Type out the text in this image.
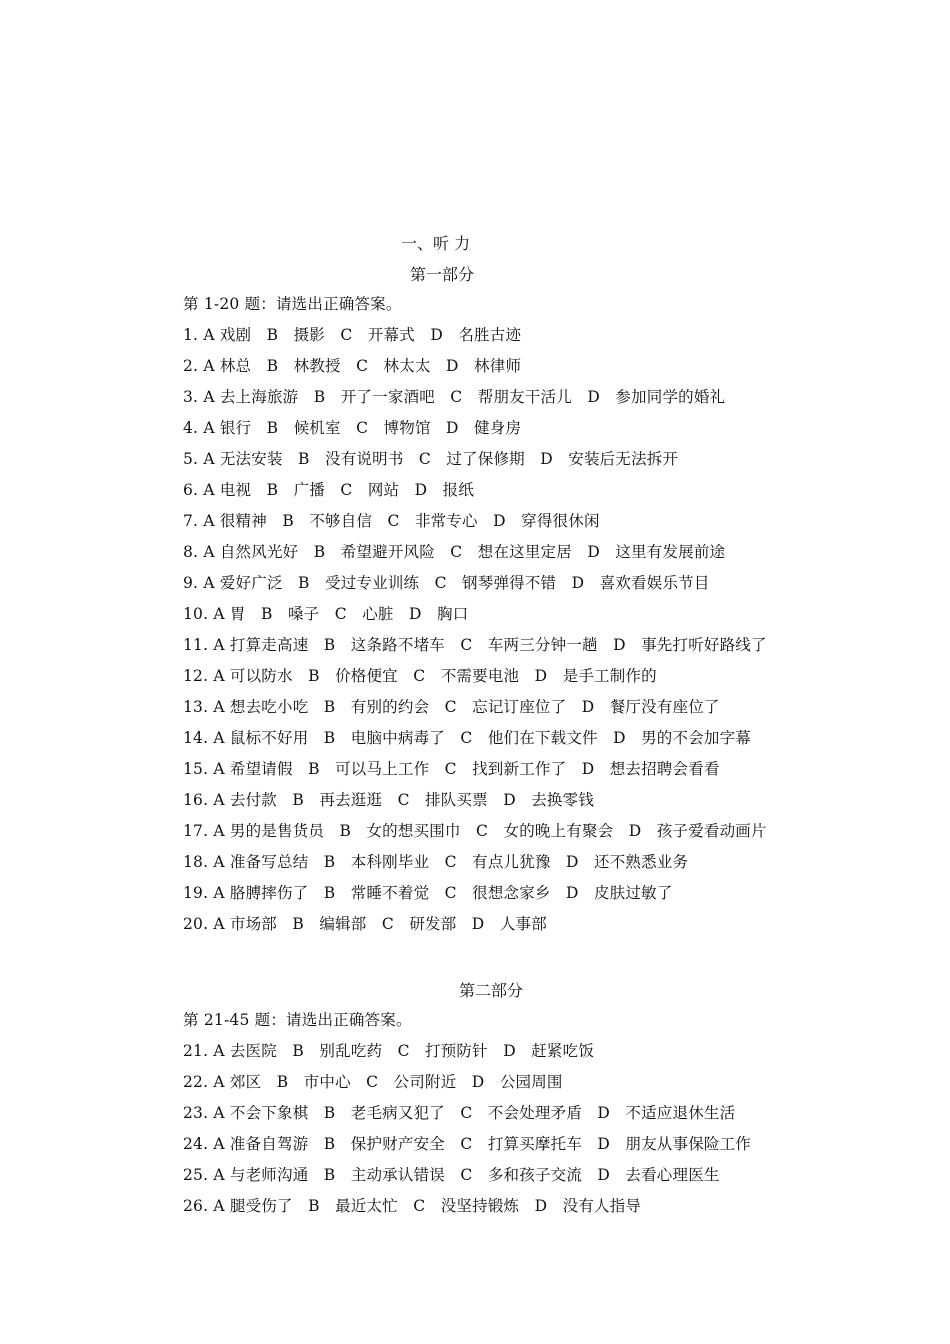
一、听 力
第一部分
第 1-20 题：请选出正确答案。
1. A 戏剧   B   摄影   C   开幕式   D   名胜古迹
2. A 林总   B   林教授   C   林太太   D   林律师
3. A 去上海旅游   B   开了一家酒吧   C   帮朋友干活儿   D   参加同学的婚礼
4. A 银行   B   候机室   C   博物馆   D   健身房
5. A 无法安装   B   没有说明书   C   过了保修期   D   安装后无法拆开
6. A 电视   B   广播   C   网站   D   报纸
7. A 很精神   B   不够自信   C   非常专心   D   穿得很休闲
8. A 自然风光好   B   希望避开风险   C   想在这里定居   D   这里有发展前途
9. A 爱好广泛   B   受过专业训练   C   钢琴弹得不错   D   喜欢看娱乐节目
10. A 胃   B   嗓子   C   心脏   D   胸口
11. A 打算走高速   B   这条路不堵车   C   车两三分钟一趟   D   事先打听好路线了
12. A 可以防水   B   价格便宜   C   不需要电池   D   是手工制作的
13. A 想去吃小吃   B   有别的约会   C   忘记订座位了   D   餐厅没有座位了
14. A 鼠标不好用   B   电脑中病毒了   C   他们在下载文件   D   男的不会加字幕
15. A 希望请假   B   可以马上工作   C   找到新工作了   D   想去招聘会看看
16. A 去付款   B   再去逛逛   C   排队买票   D   去换零钱
17. A 男的是售货员   B   女的想买围巾   C   女的晚上有聚会   D   孩子爱看动画片
18. A 准备写总结   B   本科刚毕业   C   有点儿犹豫   D   还不熟悉业务
19. A 胳膊摔伤了   B   常睡不着觉   C   很想念家乡   D   皮肤过敏了
20. A 市场部   B   编辑部   C   研发部   D   人事部
第二部分
第 21-45 题：请选出正确答案。
21. A 去医院   B   别乱吃药   C   打预防针   D   赶紧吃饭
22. A 郊区   B   市中心   C   公司附近   D   公园周围
23. A 不会下象棋   B   老毛病又犯了   C   不会处理矛盾   D   不适应退休生活
24. A 准备自驾游   B   保护财产安全   C   打算买摩托车   D   朋友从事保险工作
25. A 与老师沟通   B   主动承认错误   C   多和孩子交流   D   去看心理医生
26. A 腿受伤了   B   最近太忙   C   没坚持锻炼   D   没有人指导
